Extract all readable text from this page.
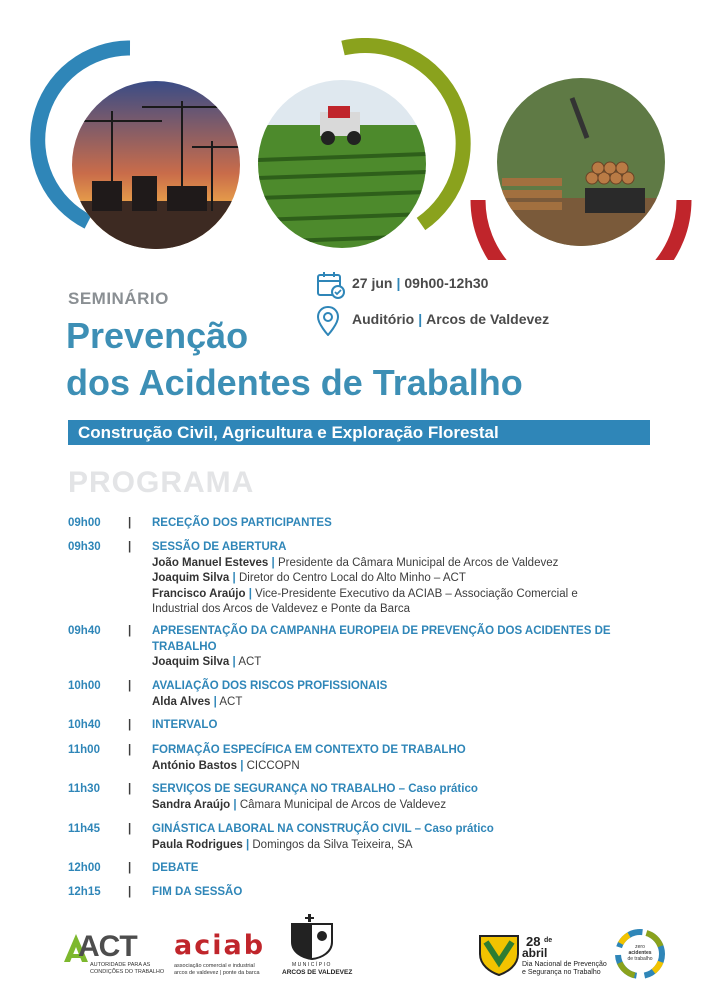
27 jun | 09h00-12h30
Auditório | Arcos de Valdevez
SEMINÁRIO
Prevenção
dos Acidentes de Trabalho
Construção Civil, Agricultura e Exploração Florestal
PROGRAMA
09h00	| RECEÇÃO DOS PARTICIPANTES
09h30	| SESSÃO DE ABERTURA
João Manuel Esteves | Presidente da Câmara Municipal de Arcos de Valdevez
Joaquim Silva | Diretor do Centro Local do Alto Minho – ACT
Francisco Araújo | Vice-Presidente Executivo da ACIAB – Associação Comercial e Industrial dos Arcos de Valdevez e Ponte da Barca
09h40	| APRESENTAÇÃO DA CAMPANHA EUROPEIA DE PREVENÇÃO DOS ACIDENTES DE TRABALHO
Joaquim Silva | ACT
10h00	| AVALIAÇÃO DOS RISCOS PROFISSIONAIS
Alda Alves | ACT
10h40	| INTERVALO
11h00	| FORMAÇÃO ESPECÍFICA EM CONTEXTO DE TRABALHO
António Bastos | CICCOPN
11h30	| SERVIÇOS DE SEGURANÇA NO TRABALHO – Caso prático
Sandra Araújo | Câmara Municipal de Arcos de Valdevez
11h45	| GINÁSTICA LABORAL NA CONSTRUÇÃO CIVIL – Caso prático
Paula Rodrigues | Domingos da Silva Teixeira, SA
12h00	| DEBATE
12h15	| FIM DA SESSÃO
ACT
AUTORIDADE PARA AS
CONDIÇÕES DO TRABALHO
aciab
associação comercial e industrial
arcos de valdevez | ponte da barca
MUNICÍPIO
ARCOS DE VALDEVEZ
28 de
abril
Dia Nacional de Prevenção
e Segurança no Trabalho
zero
acidentes
de trabalho
